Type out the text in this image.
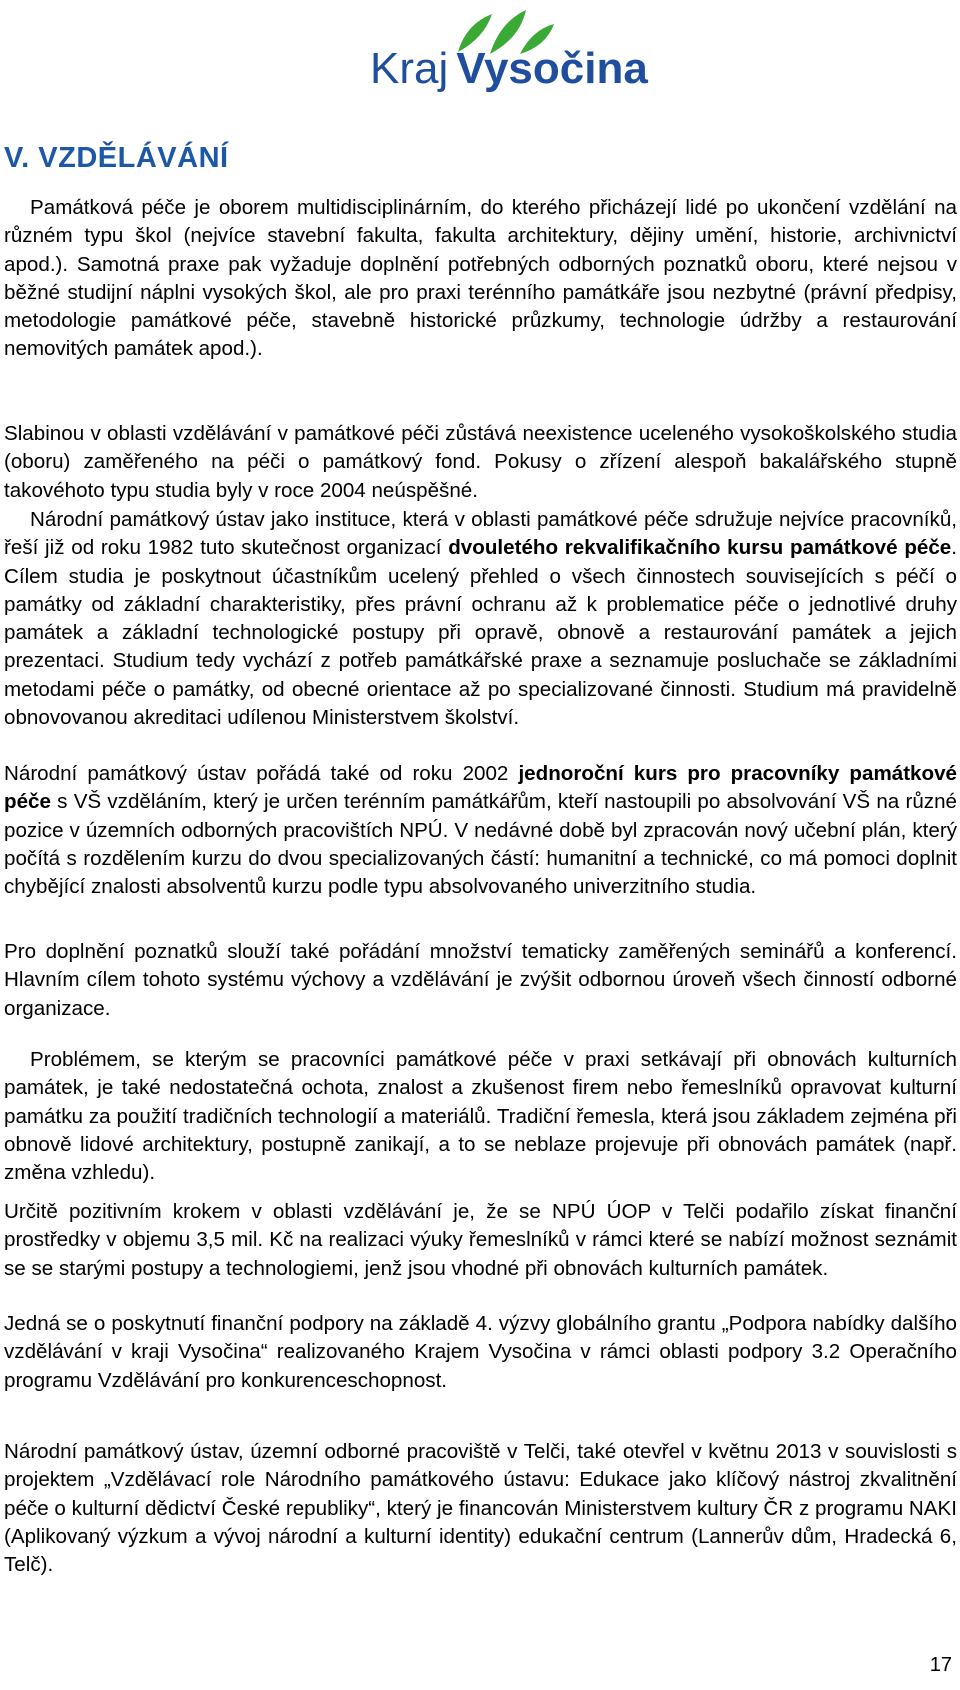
Kraj Vysočina
V. VZDĚLÁVÁNÍ

Památková péče je oborem multidisciplinárním, do kterého přicházejí lidé po ukončení vzdělání na různém typu škol (nejvíce stavební fakulta, fakulta architektury, dějiny umění, historie, archivnictví apod.). Samotná praxe pak vyžaduje doplnění potřebných odborných poznatků oboru, které nejsou v běžné studijní náplni vysokých škol, ale pro praxi terénního památkáře jsou nezbytné (právní předpisy, metodologie památkové péče, stavebně historické průzkumy, technologie údržby a restaurování nemovitých památek apod.).

Slabinou v oblasti vzdělávání v památkové péči zůstává neexistence uceleného vysokoškolského studia (oboru) zaměřeného na péči o památkový fond. Pokusy o zřízení alespoň bakalářského stupně takovéhoto typu studia byly v roce 2004 neúspěšné.

Národní památkový ústav jako instituce, která v oblasti památkové péče sdružuje nejvíce pracovníků, řeší již od roku 1982 tuto skutečnost organizací dvouletého rekvalifikačního kursu památkové péče. Cílem studia je poskytnout účastníkům ucelený přehled o všech činnostech souvisejících s péčí o památky od základní charakteristiky, přes právní ochranu až k problematice péče o jednotlivé druhy památek a základní technologické postupy při opravě, obnově a restaurování památek a jejich prezentaci. Studium tedy vychází z potřeb památkářské praxe a seznamuje posluchače se základními metodami péče o památky, od obecné orientace až po specializované činnosti. Studium má pravidelně obnovovanou akreditaci udílenou Ministerstvem školství.

Národní památkový ústav pořádá také od roku 2002 jednoroční kurs pro pracovníky památkové péče s VŠ vzděláním, který je určen terénním památkářům, kteří nastoupili po absolvování VŠ na různé pozice v územních odborných pracovištích NPÚ. V nedávné době byl zpracován nový učební plán, který počítá s rozdělením kurzu do dvou specializovaných částí: humanitní a technické, co má pomoci doplnit chybějící znalosti absolventů kurzu podle typu absolvovaného univerzitního studia.

Pro doplnění poznatků slouží také pořádání množství tematicky zaměřených seminářů a konferencí. Hlavním cílem tohoto systému výchovy a vzdělávání je zvýšit odbornou úroveň všech činností odborné organizace.

Problémem, se kterým se pracovníci památkové péče v praxi setkávají při obnovách kulturních památek, je také nedostatečná ochota, znalost a zkušenost firem nebo řemeslníků opravovat kulturní památku za použití tradičních technologií a materiálů. Tradiční řemesla, která jsou základem zejména při obnově lidové architektury, postupně zanikají, a to se neblaze projevuje při obnovách památek (např. změna vzhledu).

Určitě pozitivním krokem v oblasti vzdělávání je, že se NPÚ ÚOP v Telči podařilo získat finanční prostředky v objemu 3,5 mil. Kč na realizaci výuky řemeslníků v rámci které se nabízí možnost seznámit se se starými postupy a technologiemi, jenž jsou vhodné při obnovách kulturních památek.

Jedná se o poskytnutí finanční podpory na základě 4. výzvy globálního grantu „Podpora nabídky dalšího vzdělávání v kraji Vysočina“ realizovaného Krajem Vysočina v rámci oblasti podpory 3.2 Operačního programu Vzdělávání pro konkurenceschopnost.

Národní památkový ústav, územní odborné pracoviště v Telči, také otevřel v květnu 2013 v souvislosti s projektem „Vzdělávací role Národního památkového ústavu: Edukace jako klíčový nástroj zkvalitnění péče o kulturní dědictví České republiky“, který je financován Ministerstvem kultury ČR z programu NAKI (Aplikovaný výzkum a vývoj národní a kulturní identity) edukační centrum (Lannerův dům, Hradecká 6, Telč).

17
